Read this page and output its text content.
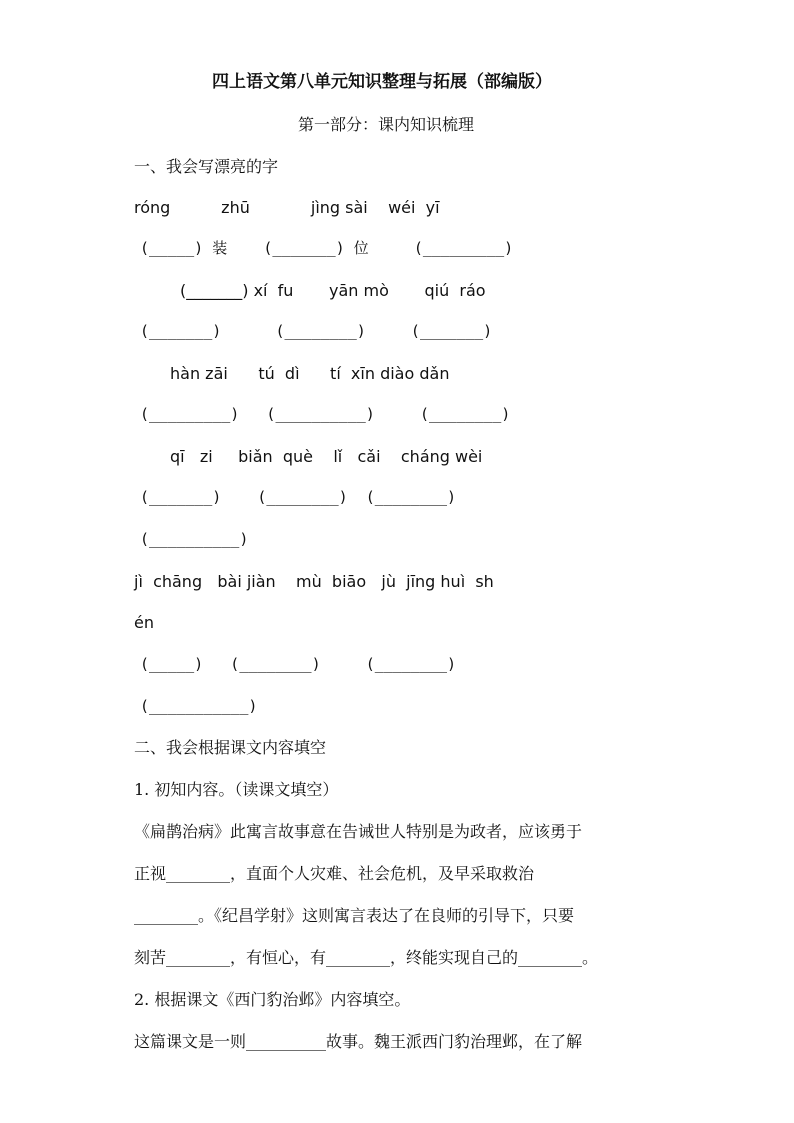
四上语文第八单元知识整理与拓展（部编版）
第一部分：课内知识梳理
一、我会写漂亮的字
róng          zhū            jìng sài    wéi  yī
(_____) 装    (_______) 位     (_________)
(_______) xí  fu       yān mò       qiú  ráo
(_______)      (________)     (_______)
hàn zāi      tú  dì      tí  xīn diào dǎn
(_________)   (__________)     (________)
qī   zi     biǎn  què    lǐ   cǎi    cháng wèi
(_______)    (________)  (________)
(__________)
jì  chāng   bài jiàn    mù  biāo   jù  jīng huì  sh
én
(_____)   (________)     (________)
(___________)
二、我会根据课文内容填空
1. 初知内容。（读课文填空）
《扁鹊治病》此寓言故事意在告诫世人特别是为政者，应该勇于
正视________，直面个人灾难、社会危机，及早采取救治
________。《纪昌学射》这则寓言表达了在良师的引导下，只要
刻苦________，有恒心，有________，终能实现自己的________。
2. 根据课文《西门豹治邺》内容填空。
这篇课文是一则__________故事。魏王派西门豹治理邺，在了解
